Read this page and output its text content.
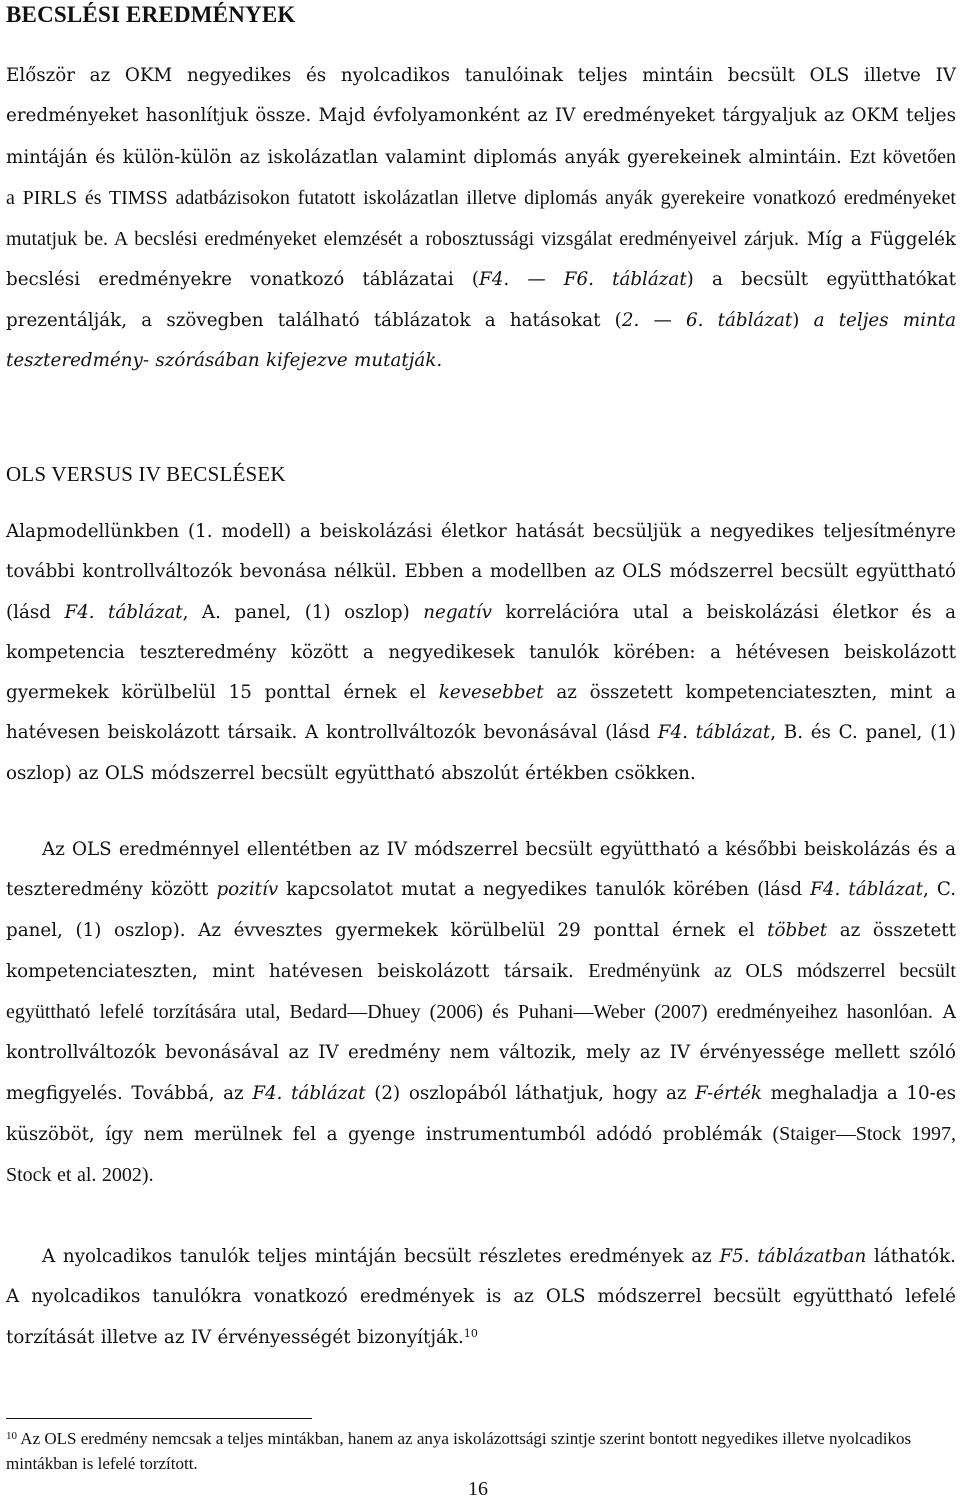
BECSLÉSI EREDMÉNYEK

Először az OKM negyedikes és nyolcadikos tanulóinak teljes mintáin becsült OLS illetve IV eredményeket hasonlítjuk össze. Majd évfolyamonként az IV eredményeket tárgyaljuk az OKM teljes mintáján és külön-külön az iskolázatlan valamint diplomás anyák gyerekeinek almintáin. Ezt követően a PIRLS és TIMSS adatbázisokon futatott iskolázatlan illetve diplomás anyák gyerekeire vonatkozó eredményeket mutatjuk be. A becslési eredményeket elemzését a robosztussági vizsgálat eredményeivel zárjuk. Míg a Függelék becslési eredményekre vonatkozó táblázatai (F4. — F6. táblázat) a becsült együtthatókat prezentálják, a szövegben található táblázatok a hatásokat (2. — 6. táblázat) a teljes minta teszteredmény- szórásában kifejezve mutatják.

OLS VERSUS IV BECSLÉSEK

Alapmodellünkben (1. modell) a beiskolázási életkor hatását becsüljük a negyedikes teljesítményre további kontrollváltozók bevonása nélkül. Ebben a modellben az OLS módszerrel becsült együttható (lásd F4. táblázat, A. panel, (1) oszlop) negatív korrelációra utal a beiskolázási életkor és a kompetencia teszteredmény között a negyedikesek tanulók körében: a hétévesen beiskolázott gyermekek körülbelül 15 ponttal érnek el kevesebbet az összetett kompetenciateszten, mint a hatévesen beiskolázott társaik. A kontrollváltozók bevonásával (lásd F4. táblázat, B. és C. panel, (1) oszlop) az OLS módszerrel becsült együttható abszolút értékben csökken.

Az OLS eredménnyel ellentétben az IV módszerrel becsült együttható a későbbi beiskolázás és a teszteredmény között pozitív kapcsolatot mutat a negyedikes tanulók körében (lásd F4. táblázat, C. panel, (1) oszlop). Az évvesztes gyermekek körülbelül 29 ponttal érnek el többet az összetett kompetenciateszten, mint hatévesen beiskolázott társaik. Eredményünk az OLS módszerrel becsült együttható lefelé torzítására utal, Bedard—Dhuey (2006) és Puhani—Weber (2007) eredményeihez hasonlóan. A kontrollváltozók bevonásával az IV eredmény nem változik, mely az IV érvényessége mellett szóló megfigyelés. Továbbá, az F4. táblázat (2) oszlopából láthatjuk, hogy az F-érték meghaladja a 10-es küszöböt, így nem merülnek fel a gyenge instrumentumból adódó problémák (Staiger—Stock 1997, Stock et al. 2002).

A nyolcadikos tanulók teljes mintáján becsült részletes eredmények az F5. táblázatban láthatók. A nyolcadikos tanulókra vonatkozó eredmények is az OLS módszerrel becsült együttható lefelé torzítását illetve az IV érvényességét bizonyítják.$^{10}$

$^{10}$ Az OLS eredmény nemcsak a teljes mintákban, hanem az anya iskolázottsági szintje szerint bontott negyedikes illetve nyolcadikos mintákban is lefelé torzított.

16
